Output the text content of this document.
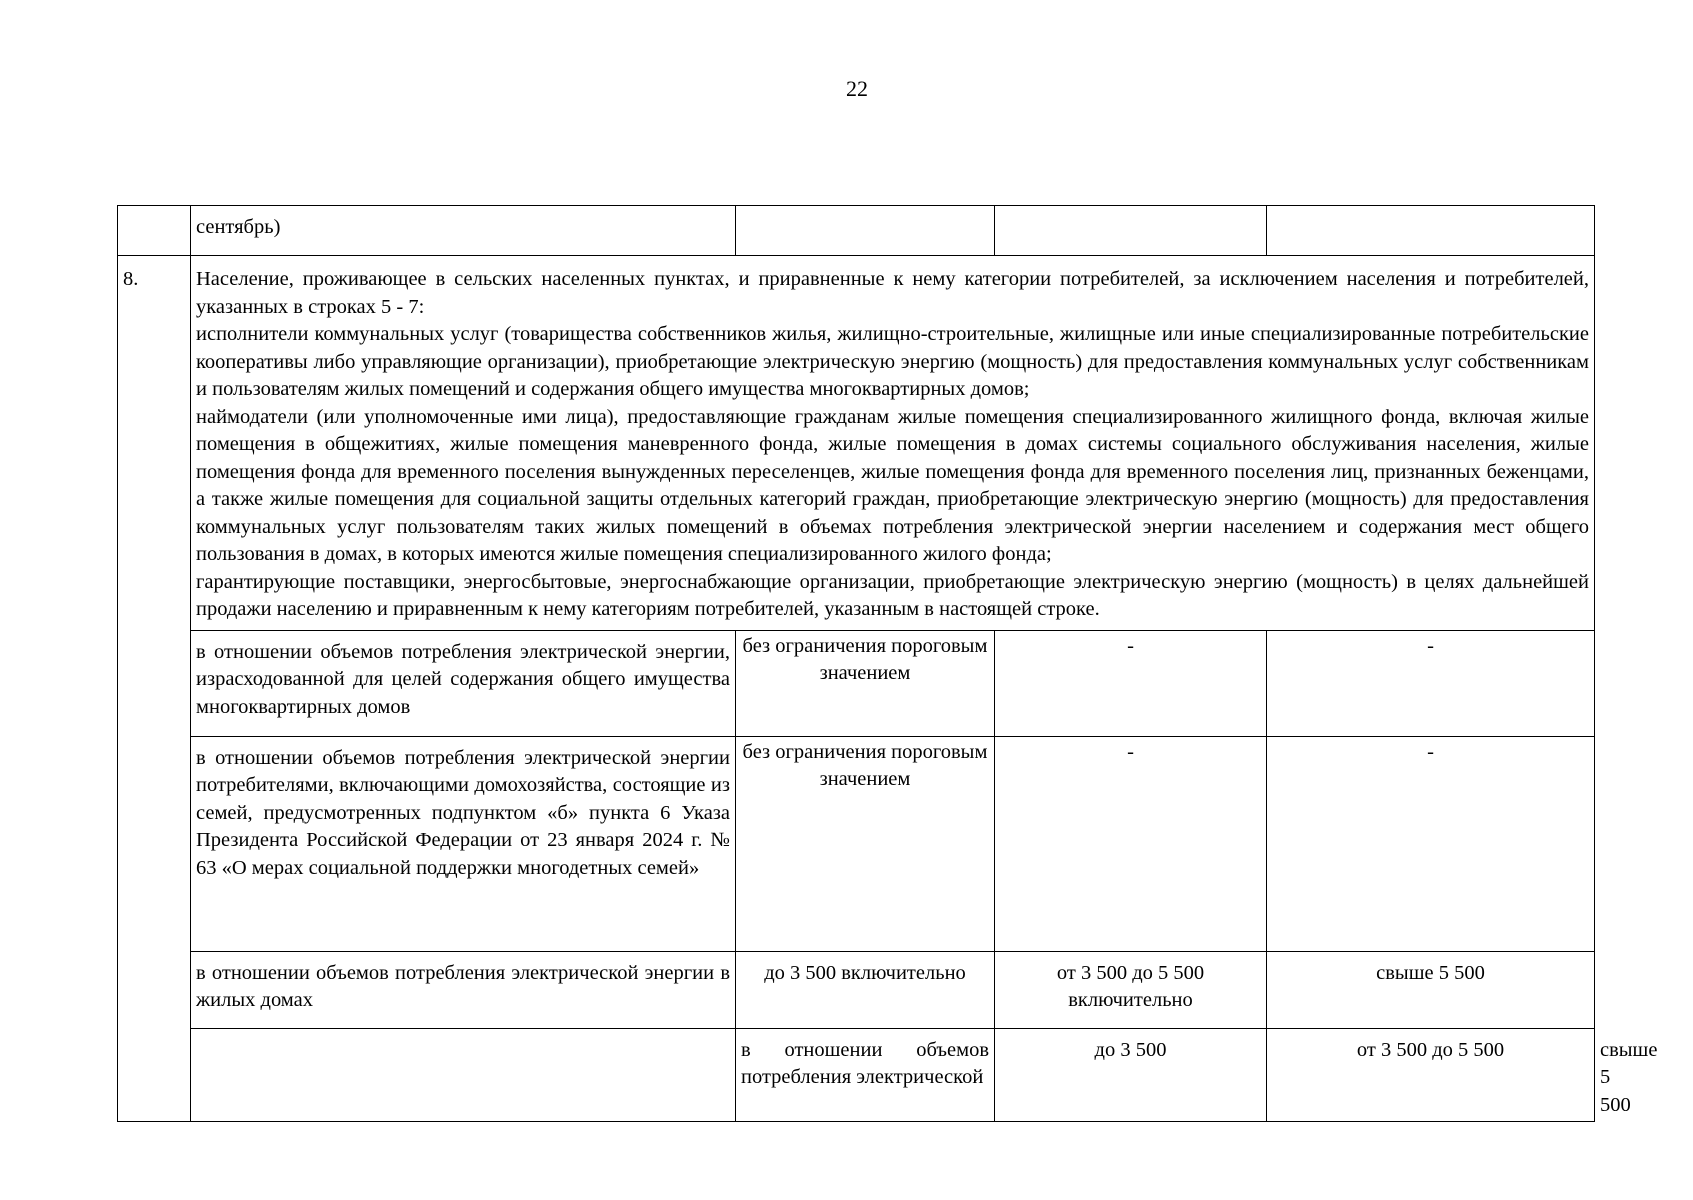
22
	сентябрь)				
8.	Население, проживающее в сельских населенных пунктах, и приравненные к нему категории потребителей, за исключением населения и потребителей, указанных в строках 5 - 7:
исполнители коммунальных услуг (товарищества собственников жилья, жилищно-строительные, жилищные или иные специализированные потребительские кооперативы либо управляющие организации), приобретающие электрическую энергию (мощность) для предоставления коммунальных услуг собственникам и пользователям жилых помещений и содержания общего имущества многоквартирных домов;
наймодатели (или уполномоченные ими лица), предоставляющие гражданам жилые помещения специализированного жилищного фонда, включая жилые помещения в общежитиях, жилые помещения маневренного фонда, жилые помещения в домах системы социального обслуживания населения, жилые помещения фонда для временного поселения вынужденных переселенцев, жилые помещения фонда для временного поселения лиц, признанных беженцами, а также жилые помещения для социальной защиты отдельных категорий граждан, приобретающие электрическую энергию (мощность) для предоставления коммунальных услуг пользователям таких жилых помещений в объемах потребления электрической энергии населением и содержания мест общего пользования в домах, в которых имеются жилые помещения специализированного жилого фонда;
гарантирующие поставщики, энергосбытовые, энергоснабжающие организации, приобретающие электрическую энергию (мощность) в целях дальнейшей продажи населению и приравненным к нему категориям потребителей, указанным в настоящей строке.				

	в отношении объемов потребления электрической энергии, израсходованной для целей содержания общего имущества многоквартирных домов	без ограничения пороговым значением	-	-	
	в отношении объемов потребления электрической энергии потребителями, включающими домохозяйства, состоящие из семей, предусмотренных подпунктом «б» пункта 6 Указа Президента Российской Федерации от 23 января 2024 г. № 63 «О мерах социальной поддержки многодетных семей»	без ограничения пороговым значением	-	-	
	в отношении объемов потребления электрической энергии в жилых домах	до 3 500 включительно	от 3 500 до 5 500 включительно	свыше 5 500	
		в отношении объемов потребления электрической	до 3 500	от 3 500 до 5 500	свыше 5 500
